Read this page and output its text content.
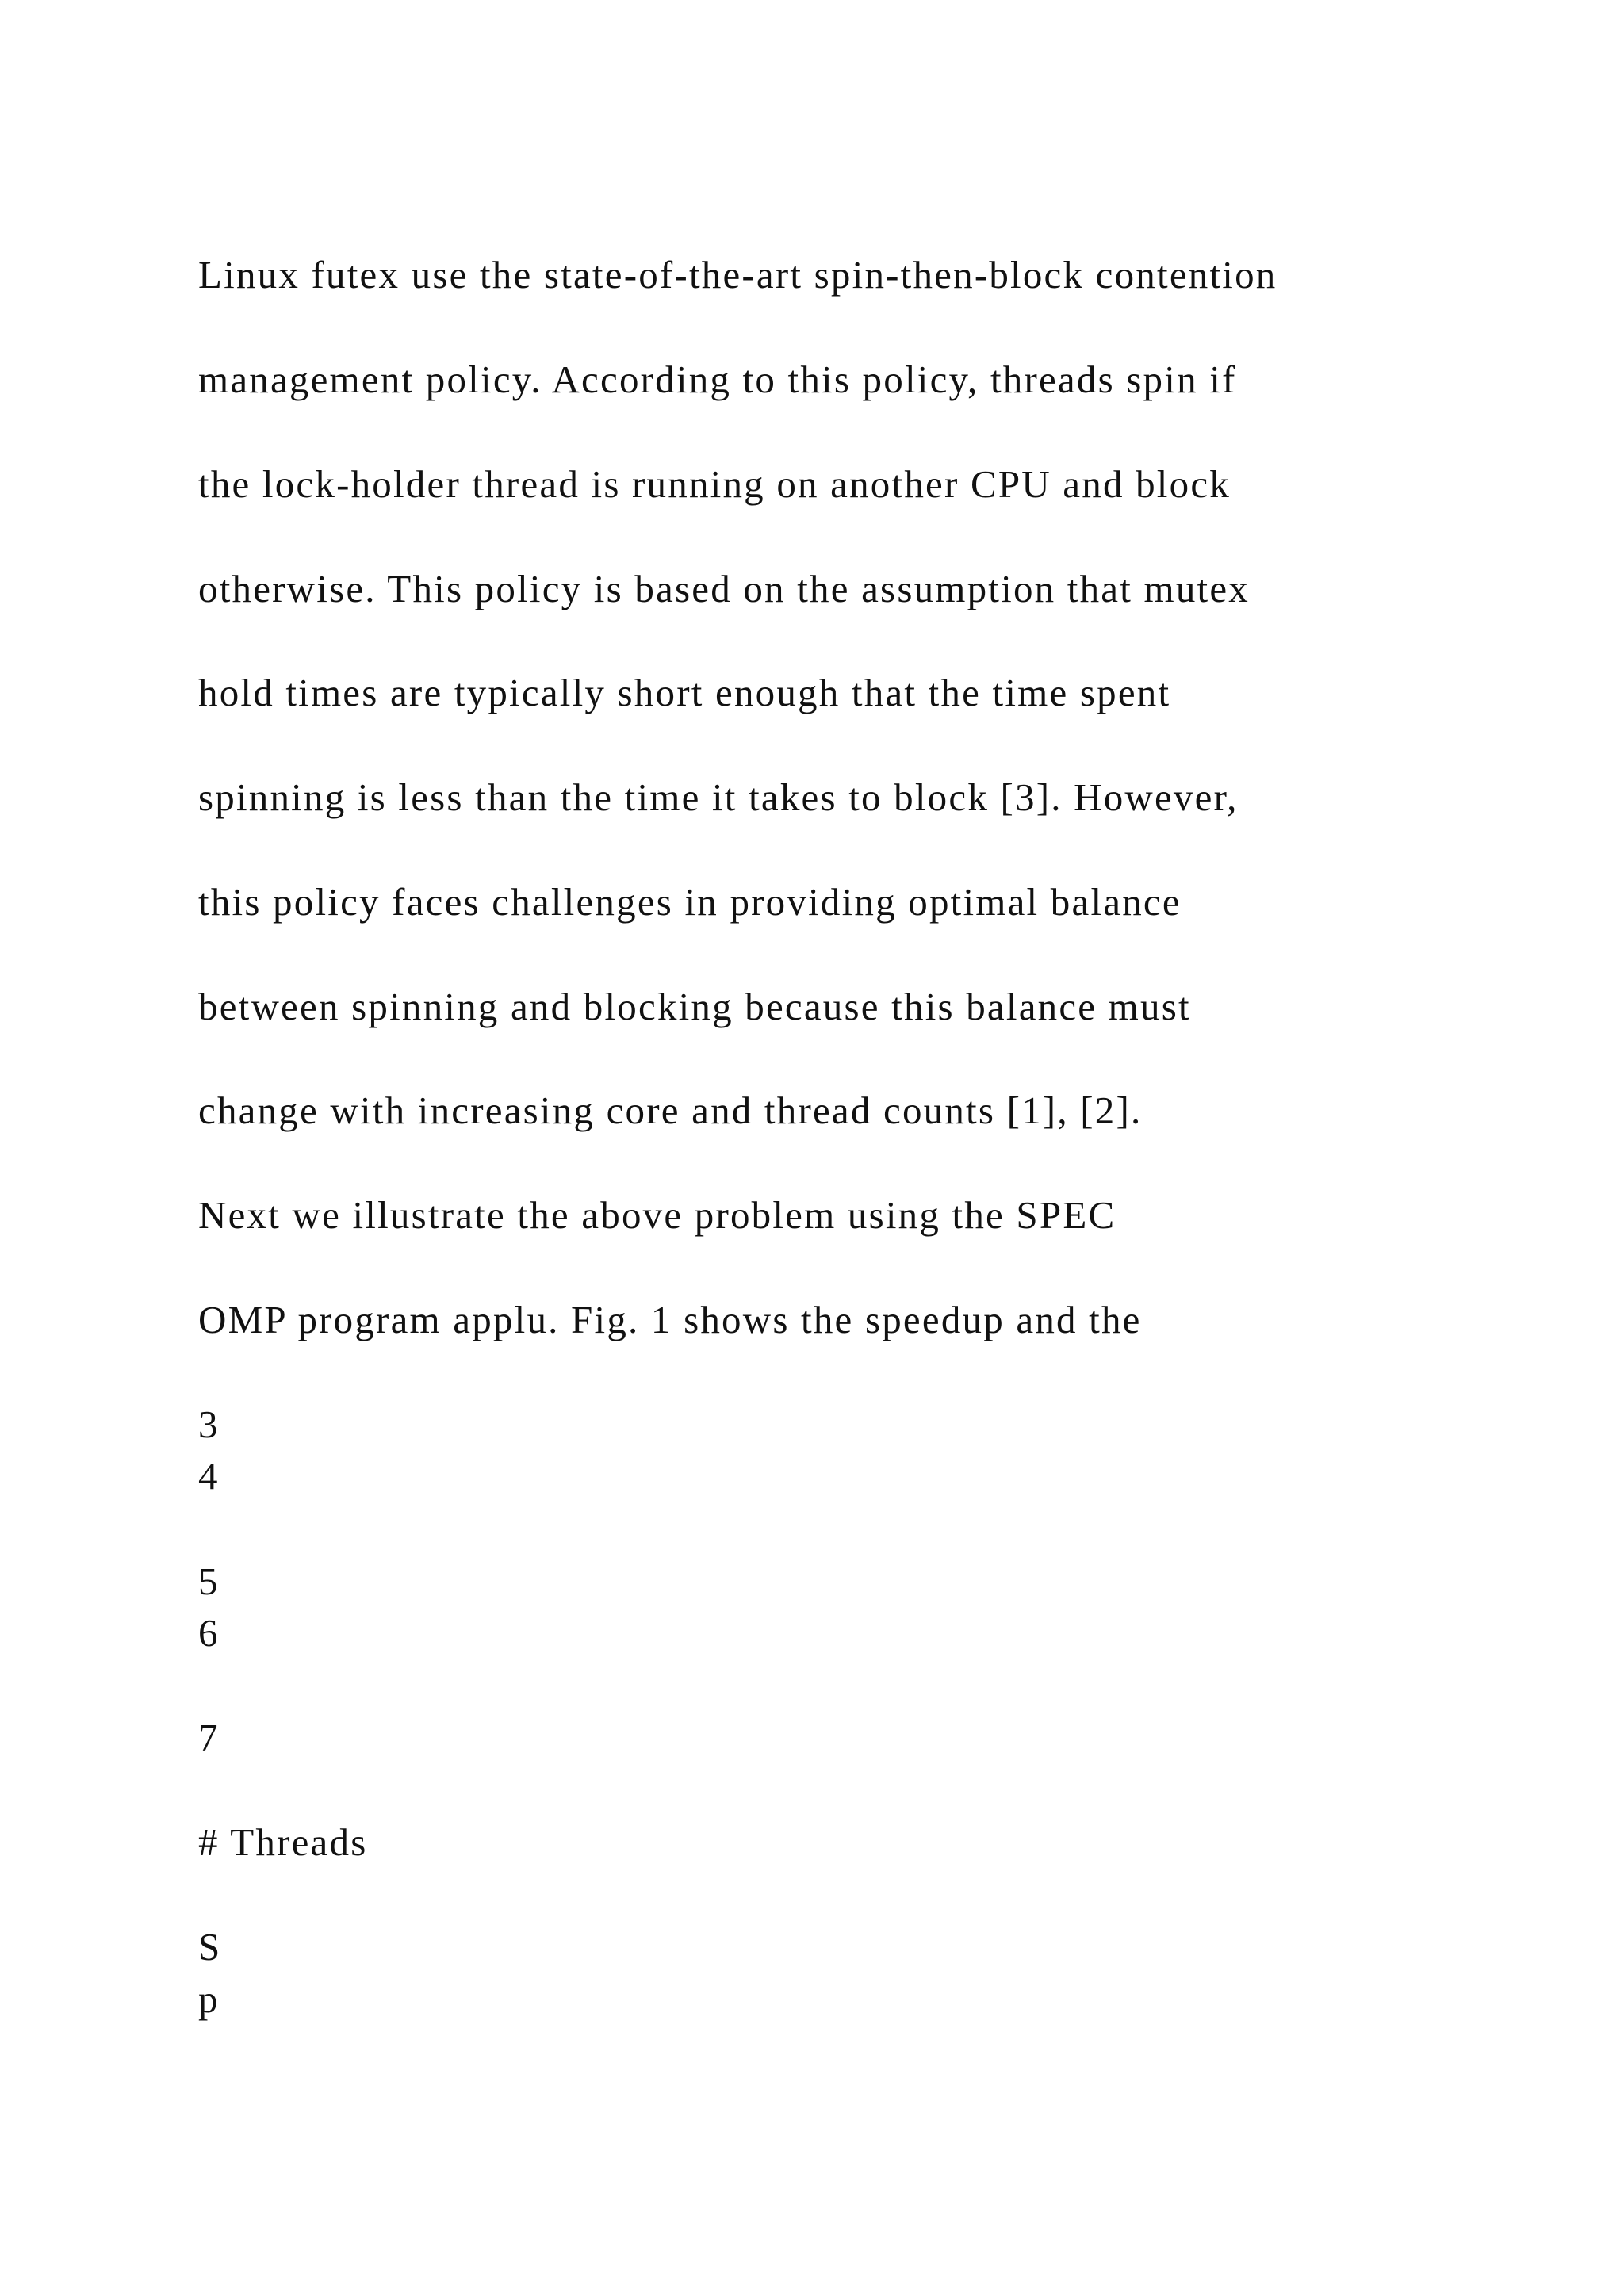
Linux futex use the state-of-the-art spin-then-block contention
management policy. According to this policy, threads spin if
the lock-holder thread is running on another CPU and block
otherwise. This policy is based on the assumption that mutex
hold times are typically short enough that the time spent
spinning is less than the time it takes to block [3]. However,
this policy faces challenges in providing optimal balance
between spinning and blocking because this balance must
change with increasing core and thread counts [1], [2].
Next we illustrate the above problem using the SPEC
OMP program applu. Fig. 1 shows the speedup and the
3
4
5
6
7
# Threads
S
p
